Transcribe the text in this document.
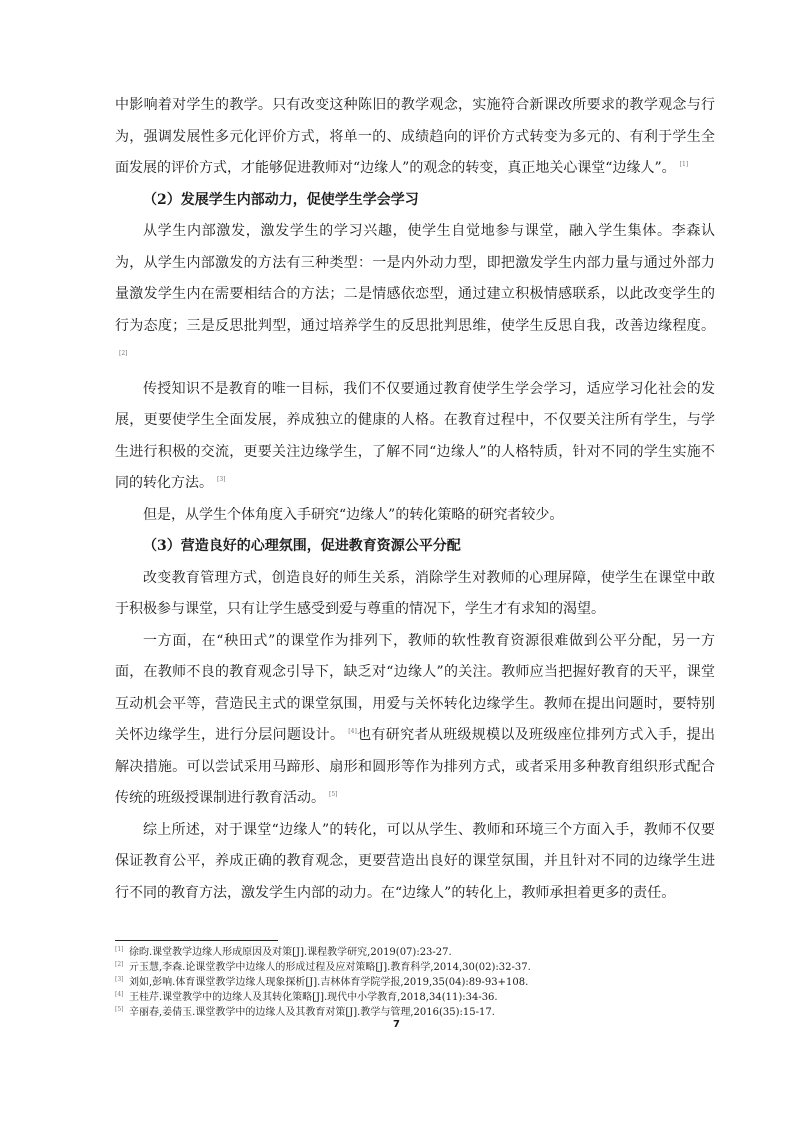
中影响着对学生的教学。只有改变这种陈旧的教学观念，实施符合新课改所要求的教学观念与行为，强调发展性多元化评价方式，将单一的、成绩趋向的评价方式转变为多元的、有利于学生全面发展的评价方式，才能够促进教师对“边缘人”的观念的转变，真正地关心课堂“边缘人”。 [1]

（2）发展学生内部动力，促使学生学会学习

从学生内部激发，激发学生的学习兴趣，使学生自觉地参与课堂，融入学生集体。李森认为，从学生内部激发的方法有三种类型：一是内外动力型，即把激发学生内部力量与通过外部力量激发学生内在需要相结合的方法；二是情感依恋型，通过建立积极情感联系，以此改变学生的行为态度；三是反思批判型，通过培养学生的反思批判思维，使学生反思自我，改善边缘程度。[2]

传授知识不是教育的唯一目标，我们不仅要通过教育使学生学会学习，适应学习化社会的发展，更要使学生全面发展，养成独立的健康的人格。在教育过程中，不仅要关注所有学生，与学生进行积极的交流，更要关注边缘学生，了解不同“边缘人”的人格特质，针对不同的学生实施不同的转化方法。 [3]

但是，从学生个体角度入手研究“边缘人”的转化策略的研究者较少。

（3）营造良好的心理氛围，促进教育资源公平分配

改变教育管理方式，创造良好的师生关系，消除学生对教师的心理屏障，使学生在课堂中敢于积极参与课堂，只有让学生感受到爱与尊重的情况下，学生才有求知的渴望。

一方面，在“秧田式”的课堂作为排列下，教师的软性教育资源很难做到公平分配，另一方面，在教师不良的教育观念引导下，缺乏对“边缘人”的关注。教师应当把握好教育的天平，课堂互动机会平等，营造民主式的课堂氛围，用爱与关怀转化边缘学生。教师在提出问题时，要特别关怀边缘学生，进行分层问题设计。 [4]也有研究者从班级规模以及班级座位排列方式入手，提出解决措施。可以尝试采用马蹄形、扇形和圆形等作为排列方式，或者采用多种教育组织形式配合传统的班级授课制进行教育活动。 [5]

综上所述，对于课堂“边缘人”的转化，可以从学生、教师和环境三个方面入手，教师不仅要保证教育公平，养成正确的教育观念，更要营造出良好的课堂氛围，并且针对不同的边缘学生进行不同的教育方法，激发学生内部的动力。在“边缘人”的转化上，教师承担着更多的责任。

[1] 徐昀.课堂教学边缘人形成原因及对策[J].课程教学研究,2019(07):23-27.
[2] 亓玉慧,李森.论课堂教学中边缘人的形成过程及应对策略[J].教育科学,2014,30(02):32-37.
[3] 刘如,彭响.体育课堂教学边缘人现象探析[J].吉林体育学院学报,2019,35(04):89-93+108.
[4] 王桂芹.课堂教学中的边缘人及其转化策略[J].现代中小学教育,2018,34(11):34-36.
[5] 辛丽春,姜倩玉.课堂教学中的边缘人及其教育对策[J].教学与管理,2016(35):15-17.
7
